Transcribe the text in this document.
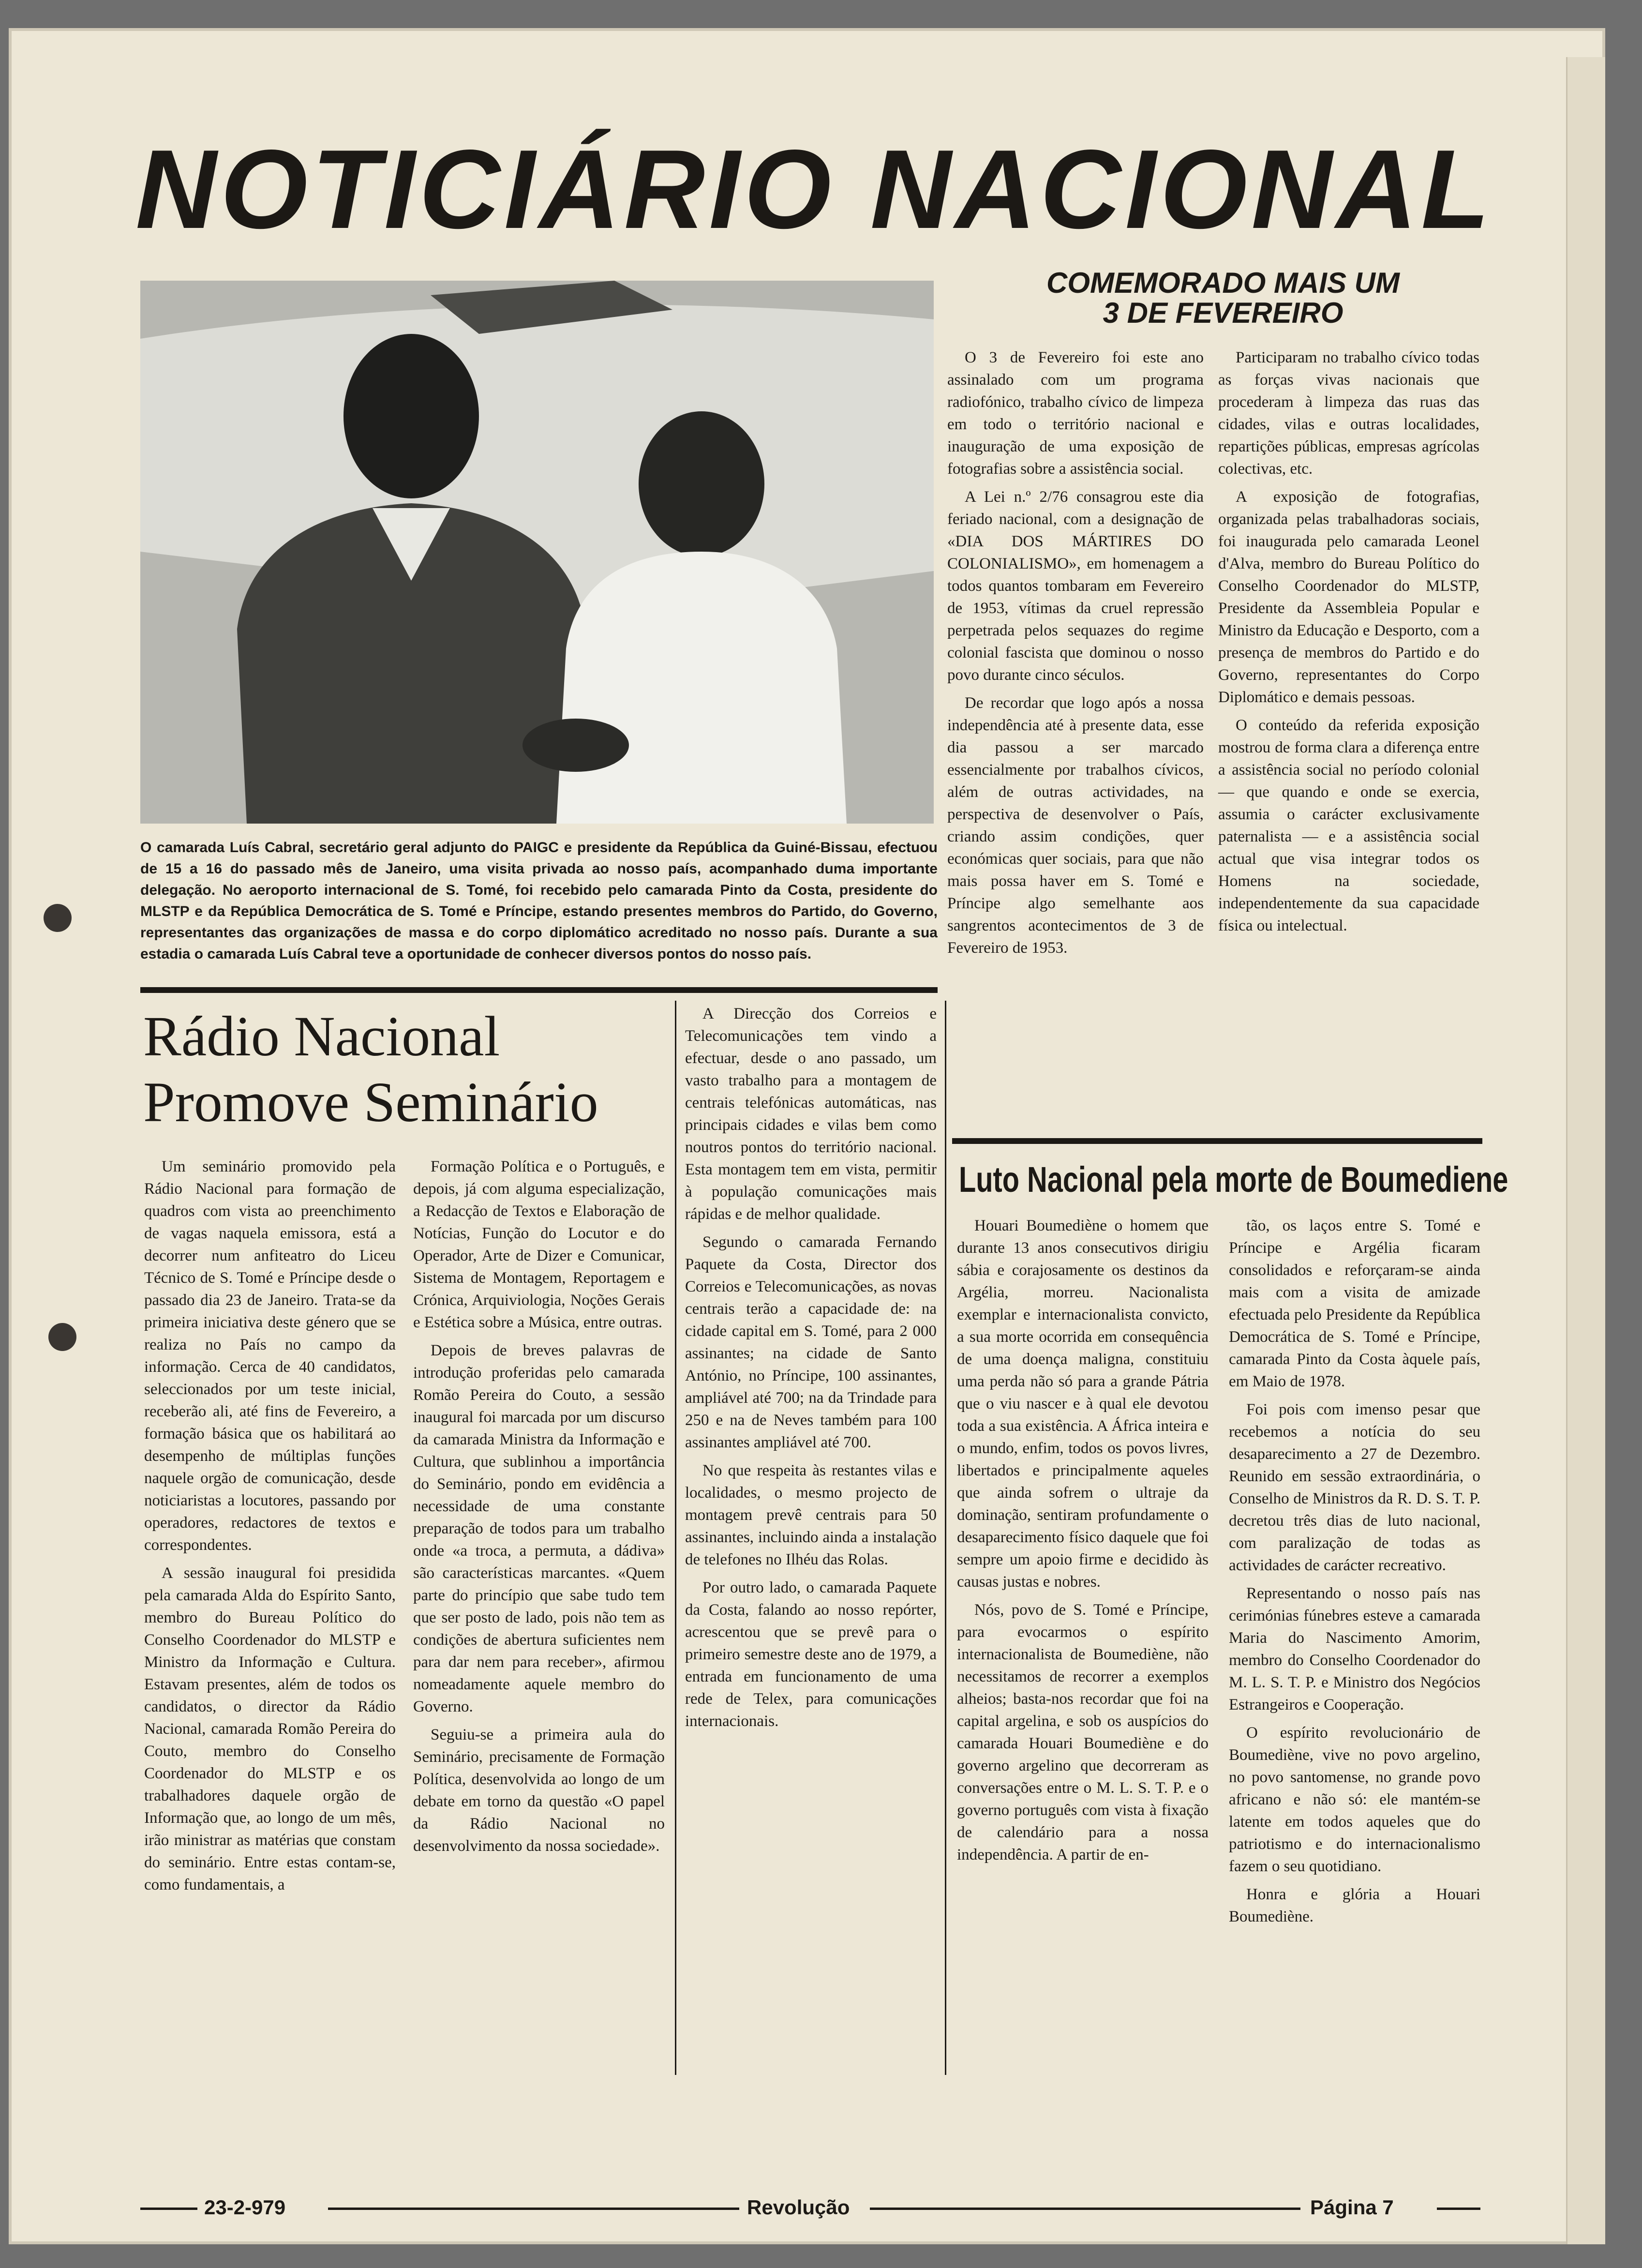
NOTICIÁRIO NACIONAL
O camarada Luís Cabral, secretário geral adjunto do PAIGC e presidente da República da Guiné-Bissau, efectuou de 15 a 16 do passado mês de Janeiro, uma visita privada ao nosso país, acompanhado duma importante delegação. No aeroporto internacional de S. Tomé, foi recebido pelo camarada Pinto da Costa, presidente do MLSTP e da República Democrática de S. Tomé e Príncipe, estando presentes membros do Partido, do Governo, representantes das organizações de massa e do corpo diplomático acreditado no nosso país. Durante a sua estadia o camarada Luís Cabral teve a oportunidade de conhecer diversos pontos do nosso país.
COMEMORADO MAIS UM
3 DE FEVEREIRO

O 3 de Fevereiro foi este ano assinalado com um programa radiofónico, trabalho cívico de limpeza em todo o território nacional e inauguração de uma exposição de fotografias sobre a assistência social.

A Lei n.º 2/76 consagrou este dia feriado nacional, com a designação de «DIA DOS MÁRTIRES DO COLONIALISMO», em homenagem a todos quantos tombaram em Fevereiro de 1953, vítimas da cruel repressão perpetrada pelos sequazes do regime colonial fascista que dominou o nosso povo durante cinco séculos.

De recordar que logo após a nossa independência até à presente data, esse dia passou a ser marcado essencialmente por trabalhos cívicos, além de outras actividades, na perspectiva de desenvolver o País, criando assim condições, quer económicas quer sociais, para que não mais possa haver em S. Tomé e Príncipe algo semelhante aos sangrentos acontecimentos de 3 de Fevereiro de 1953.

Participaram no trabalho cívico todas as forças vivas nacionais que procederam à limpeza das ruas das cidades, vilas e outras localidades, repartições públicas, empresas agrícolas colectivas, etc.

A exposição de fotografias, organizada pelas trabalhadoras sociais, foi inaugurada pelo camarada Leonel d'Alva, membro do Bureau Político do Conselho Coordenador do MLSTP, Presidente da Assembleia Popular e Ministro da Educação e Desporto, com a presença de membros do Partido e do Governo, representantes do Corpo Diplomático e demais pessoas.

O conteúdo da referida exposição mostrou de forma clara a diferença entre a assistência social no período colonial — que quando e onde se exercia, assumia o carácter exclusivamente paternalista — e a assistência social actual que visa integrar todos os Homens na sociedade, independentemente da sua capacidade física ou intelectual.

Rádio Nacional
Promove Seminário

Um seminário promovido pela Rádio Nacional para formação de quadros com vista ao preenchimento de vagas naquela emissora, está a decorrer num anfiteatro do Liceu Técnico de S. Tomé e Príncipe desde o passado dia 23 de Janeiro. Trata-se da primeira iniciativa deste género que se realiza no País no campo da informação. Cerca de 40 candidatos, seleccionados por um teste inicial, receberão ali, até fins de Fevereiro, a formação básica que os habilitará ao desempenho de múltiplas funções naquele orgão de comunicação, desde noticiaristas a locutores, passando por operadores, redactores de textos e correspondentes.

A sessão inaugural foi presidida pela camarada Alda do Espírito Santo, membro do Bureau Político do Conselho Coordenador do MLSTP e Ministro da Informação e Cultura. Estavam presentes, além de todos os candidatos, o director da Rádio Nacional, camarada Romão Pereira do Couto, membro do Conselho Coordenador do MLSTP e os trabalhadores daquele orgão de Informação que, ao longo de um mês, irão ministrar as matérias que constam do seminário. Entre estas contam-se, como fundamentais, a

Formação Política e o Português, e depois, já com alguma especialização, a Redacção de Textos e Elaboração de Notícias, Função do Locutor e do Operador, Arte de Dizer e Comunicar, Sistema de Montagem, Reportagem e Crónica, Arquiviologia, Noções Gerais e Estética sobre a Música, entre outras.

Depois de breves palavras de introdução proferidas pelo camarada Romão Pereira do Couto, a sessão inaugural foi marcada por um discurso da camarada Ministra da Informação e Cultura, que sublinhou a importância do Seminário, pondo em evidência a necessidade de uma constante preparação de todos para um trabalho onde «a troca, a permuta, a dádiva» são características marcantes. «Quem parte do princípio que sabe tudo tem que ser posto de lado, pois não tem as condições de abertura suficientes nem para dar nem para receber», afirmou nomeadamente aquele membro do Governo.

Seguiu-se a primeira aula do Seminário, precisamente de Formação Política, desenvolvida ao longo de um debate em torno da questão «O papel da Rádio Nacional no desenvolvimento da nossa sociedade».

A Direcção dos Correios e Telecomunicações tem vindo a efectuar, desde o ano passado, um vasto trabalho para a montagem de centrais telefónicas automáticas, nas principais cidades e vilas bem como noutros pontos do território nacional. Esta montagem tem em vista, permitir à população comunicações mais rápidas e de melhor qualidade.

Segundo o camarada Fernando Paquete da Costa, Director dos Correios e Telecomunicações, as novas centrais terão a capacidade de: na cidade capital em S. Tomé, para 2 000 assinantes; na cidade de Santo António, no Príncipe, 100 assinantes, ampliável até 700; na da Trindade para 250 e na de Neves também para 100 assinantes ampliável até 700.

No que respeita às restantes vilas e localidades, o mesmo projecto de montagem prevê centrais para 50 assinantes, incluindo ainda a instalação de telefones no Ilhéu das Rolas.

Por outro lado, o camarada Paquete da Costa, falando ao nosso repórter, acrescentou que se prevê para o primeiro semestre deste ano de 1979, a entrada em funcionamento de uma rede de Telex, para comunicações internacionais.

Luto Nacional pela morte de Boumediene

Houari Boumediène o homem que durante 13 anos consecutivos dirigiu sábia e corajosamente os destinos da Argélia, morreu. Nacionalista exemplar e internacionalista convicto, a sua morte ocorrida em consequência de uma doença maligna, constituiu uma perda não só para a grande Pátria que o viu nascer e à qual ele devotou toda a sua existência. A África inteira e o mundo, enfim, todos os povos livres, libertados e principalmente aqueles que ainda sofrem o ultraje da dominação, sentiram profundamente o desaparecimento físico daquele que foi sempre um apoio firme e decidido às causas justas e nobres.

Nós, povo de S. Tomé e Príncipe, para evocarmos o espírito internacionalista de Boumediène, não necessitamos de recorrer a exemplos alheios; basta-nos recordar que foi na capital argelina, e sob os auspícios do camarada Houari Boumediène e do governo argelino que decorreram as conversações entre o M. L. S. T. P. e o governo português com vista à fixação de calendário para a nossa independência. A partir de en-

tão, os laços entre S. Tomé e Príncipe e Argélia ficaram consolidados e reforçaram-se ainda mais com a visita de amizade efectuada pelo Presidente da República Democrática de S. Tomé e Príncipe, camarada Pinto da Costa àquele país, em Maio de 1978.

Foi pois com imenso pesar que recebemos a notícia do seu desaparecimento a 27 de Dezembro. Reunido em sessão extraordinária, o Conselho de Ministros da R. D. S. T. P. decretou três dias de luto nacional, com paralização de todas as actividades de carácter recreativo.

Representando o nosso país nas cerimónias fúnebres esteve a camarada Maria do Nascimento Amorim, membro do Conselho Coordenador do M. L. S. T. P. e Ministro dos Negócios Estrangeiros e Cooperação.

O espírito revolucionário de Boumediène, vive no povo argelino, no povo santomense, no grande povo africano e não só: ele mantém-se latente em todos aqueles que do patriotismo e do internacionalismo fazem o seu quotidiano.

Honra e glória a Houari Boumediène.

23-2-979	Revolução	Página 7
